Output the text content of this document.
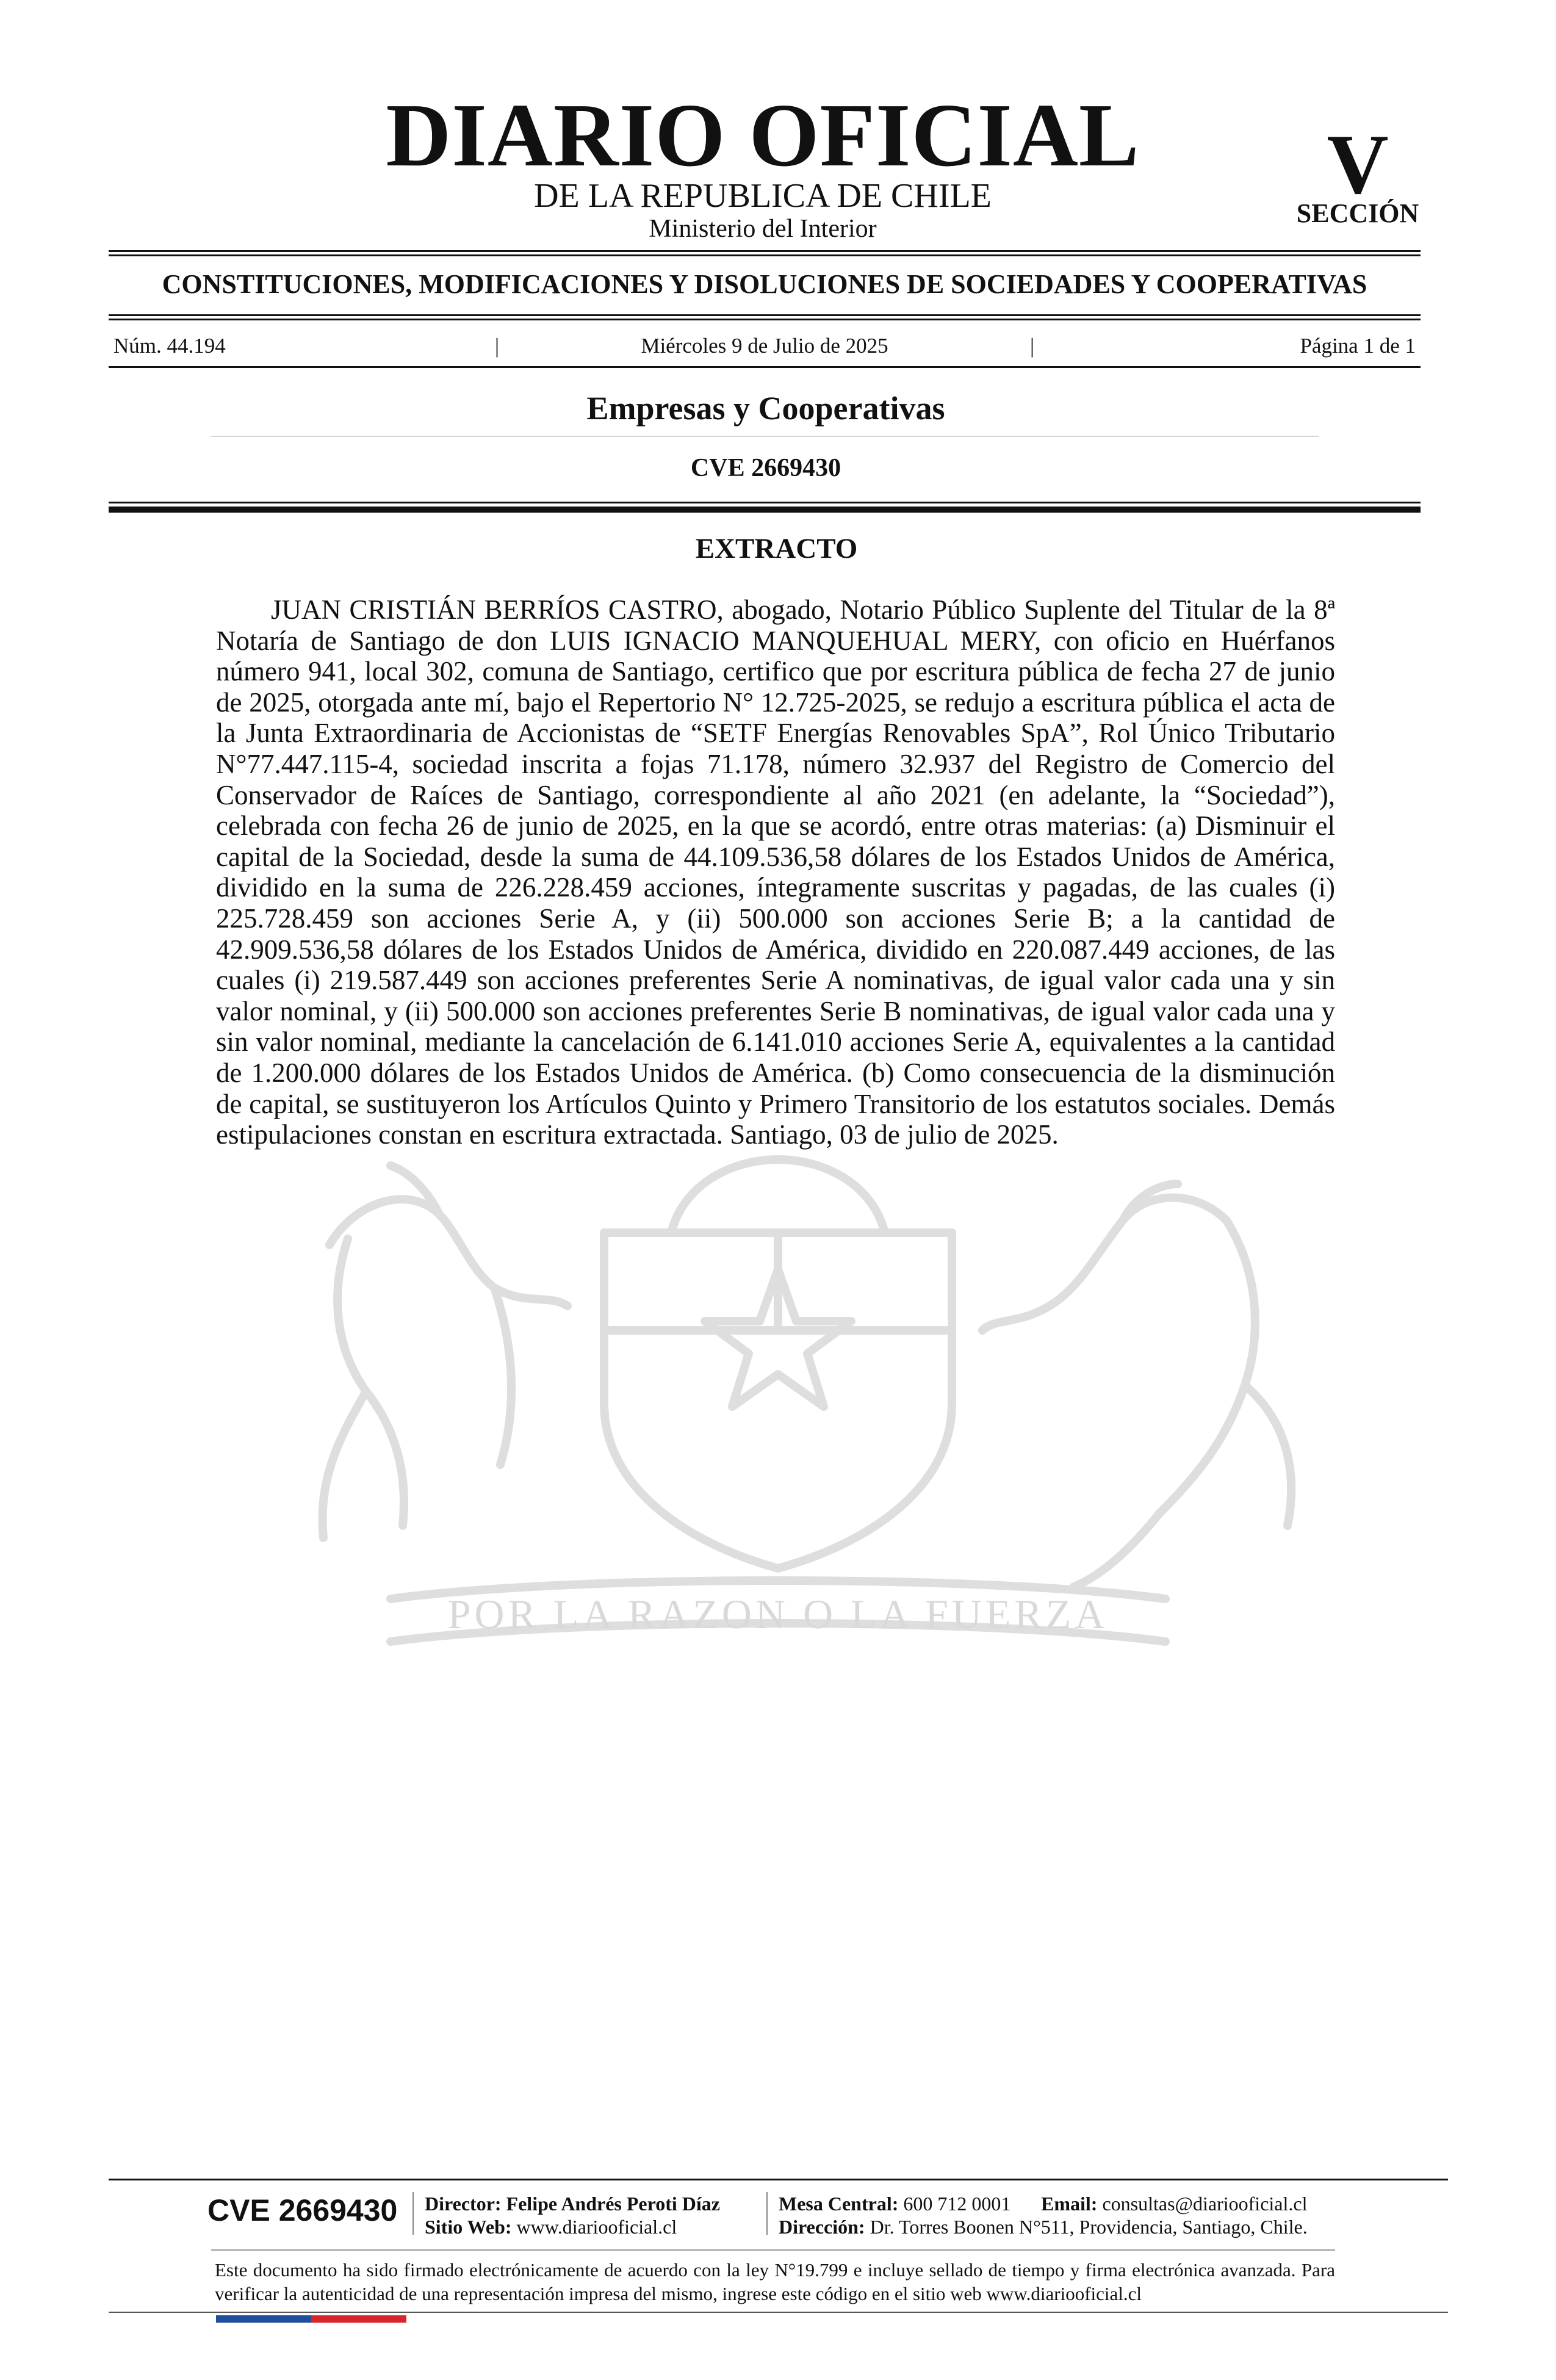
DIARIO OFICIAL
DE LA REPUBLICA DE CHILE
Ministerio del Interior
V
SECCIÓN
CONSTITUCIONES, MODIFICACIONES Y DISOLUCIONES DE SOCIEDADES Y COOPERATIVAS
Núm. 44.194	|	Miércoles 9 de Julio de 2025	|	Página 1 de 1
Empresas y Cooperativas
CVE 2669430
POR LA RAZON O LA FUERZA
EXTRACTO

JUAN CRISTIÁN BERRÍOS CASTRO, abogado, Notario Público Suplente del Titular de la 8ª Notaría de Santiago de don LUIS IGNACIO MANQUEHUAL MERY, con oficio en Huérfanos número 941, local 302, comuna de Santiago, certifico que por escritura pública de fecha 27 de junio de 2025, otorgada ante mí, bajo el Repertorio N° 12.725-2025, se redujo a escritura pública el acta de la Junta Extraordinaria de Accionistas de “SETF Energías Renovables SpA”, Rol Único Tributario N°77.447.115-4, sociedad inscrita a fojas 71.178, número 32.937 del Registro de Comercio del Conservador de Raíces de Santiago, correspondiente al año 2021 (en adelante, la “Sociedad”), celebrada con fecha 26 de junio de 2025, en la que se acordó, entre otras materias: (a) Disminuir el capital de la Sociedad, desde la suma de 44.109.536,58 dólares de los Estados Unidos de América, dividido en la suma de 226.228.459 acciones, íntegramente suscritas y pagadas, de las cuales (i) 225.728.459 son acciones Serie A, y (ii) 500.000 son acciones Serie B; a la cantidad de 42.909.536,58 dólares de los Estados Unidos de América, dividido en 220.087.449 acciones, de las cuales (i) 219.587.449 son acciones preferentes Serie A nominativas, de igual valor cada una y sin valor nominal, y (ii) 500.000 son acciones preferentes Serie B nominativas, de igual valor cada una y sin valor nominal, mediante la cancelación de 6.141.010 acciones Serie A, equivalentes a la cantidad de 1.200.000 dólares de los Estados Unidos de América. (b) Como consecuencia de la disminución de capital, se sustituyeron los Artículos Quinto y Primero Transitorio de los estatutos sociales. Demás estipulaciones constan en escritura extractada. Santiago, 03 de julio de 2025.

CVE 2669430 Director: Felipe Andrés Peroti Díaz
Sitio Web: www.diariooficial.cl
Mesa Central: 600 712 0001 Email: consultas@diariooficial.cl
Dirección: Dr. Torres Boonen N°511, Providencia, Santiago, Chile.

Este documento ha sido firmado electrónicamente de acuerdo con la ley N°19.799 e incluye sellado de tiempo y firma electrónica avanzada. Para verificar la autenticidad de una representación impresa del mismo, ingrese este código en el sitio web www.diariooficial.cl
